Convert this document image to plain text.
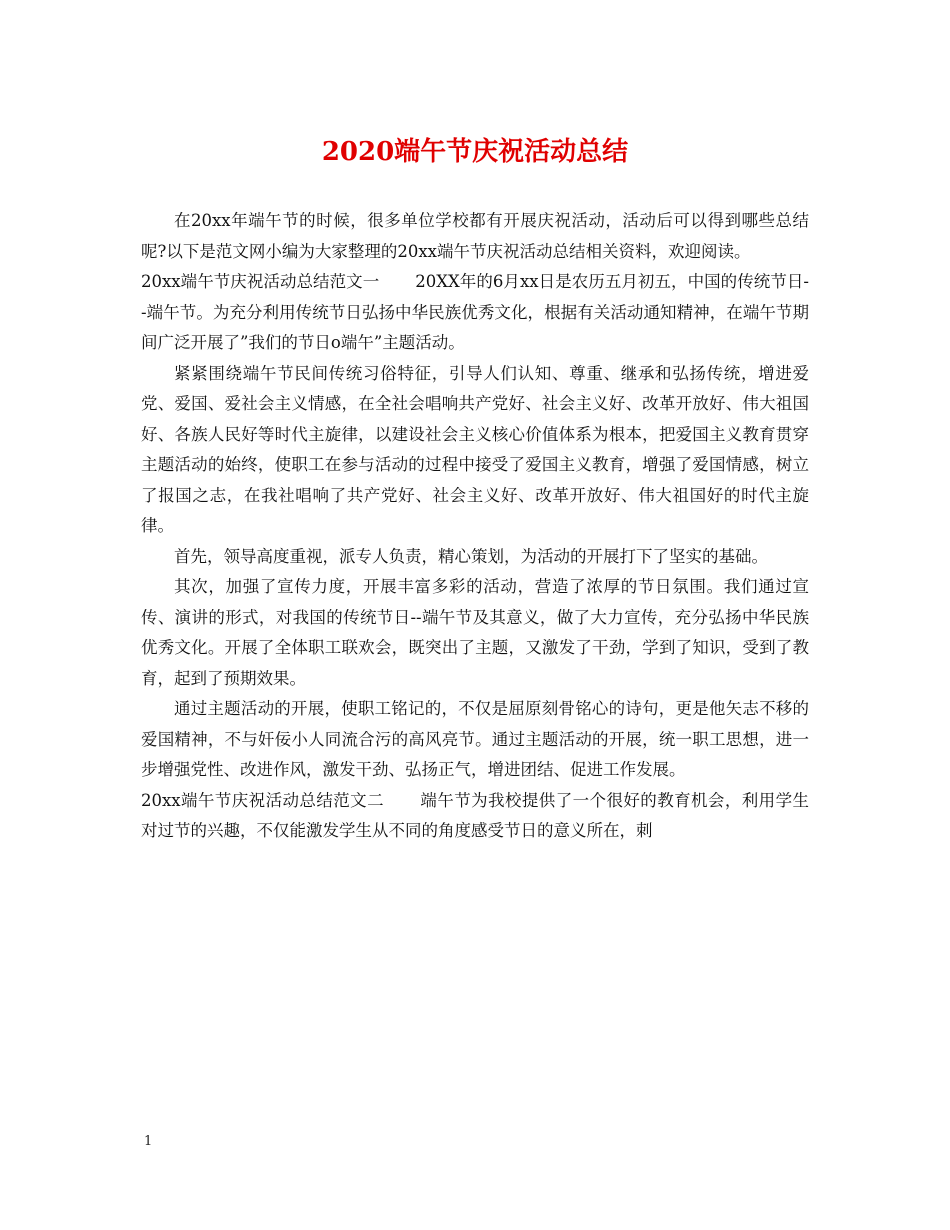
2020端午节庆祝活动总结

在20xx年端午节的时候，很多单位学校都有开展庆祝活动，活动后可以得到哪些总结呢?以下是范文网小编为大家整理的20xx端午节庆祝活动总结相关资料，欢迎阅读。

20xx端午节庆祝活动总结范文一 20XX年的6月xx日是农历五月初五，中国的传统节日--端午节。为充分利用传统节日弘扬中华民族优秀文化，根据有关活动通知精神，在端午节期间广泛开展了”我们的节日o端午”主题活动。

紧紧围绕端午节民间传统习俗特征，引导人们认知、尊重、继承和弘扬传统，增进爱党、爱国、爱社会主义情感，在全社会唱响共产党好、社会主义好、改革开放好、伟大祖国好、各族人民好等时代主旋律，以建设社会主义核心价值体系为根本，把爱国主义教育贯穿主题活动的始终，使职工在参与活动的过程中接受了爱国主义教育，增强了爱国情感，树立了报国之志，在我社唱响了共产党好、社会主义好、改革开放好、伟大祖国好的时代主旋律。

首先，领导高度重视，派专人负责，精心策划，为活动的开展打下了坚实的基础。

其次，加强了宣传力度，开展丰富多彩的活动，营造了浓厚的节日氛围。我们通过宣传、演讲的形式，对我国的传统节日--端午节及其意义，做了大力宣传，充分弘扬中华民族优秀文化。开展了全体职工联欢会，既突出了主题，又激发了干劲，学到了知识，受到了教育，起到了预期效果。

通过主题活动的开展，使职工铭记的，不仅是屈原刻骨铭心的诗句，更是他矢志不移的爱国精神，不与奸佞小人同流合污的高风亮节。通过主题活动的开展，统一职工思想，进一步增强党性、改进作风，激发干劲、弘扬正气，增进团结、促进工作发展。

20xx端午节庆祝活动总结范文二 端午节为我校提供了一个很好的教育机会，利用学生对过节的兴趣，不仅能激发学生从不同的角度感受节日的意义所在，刺

1
